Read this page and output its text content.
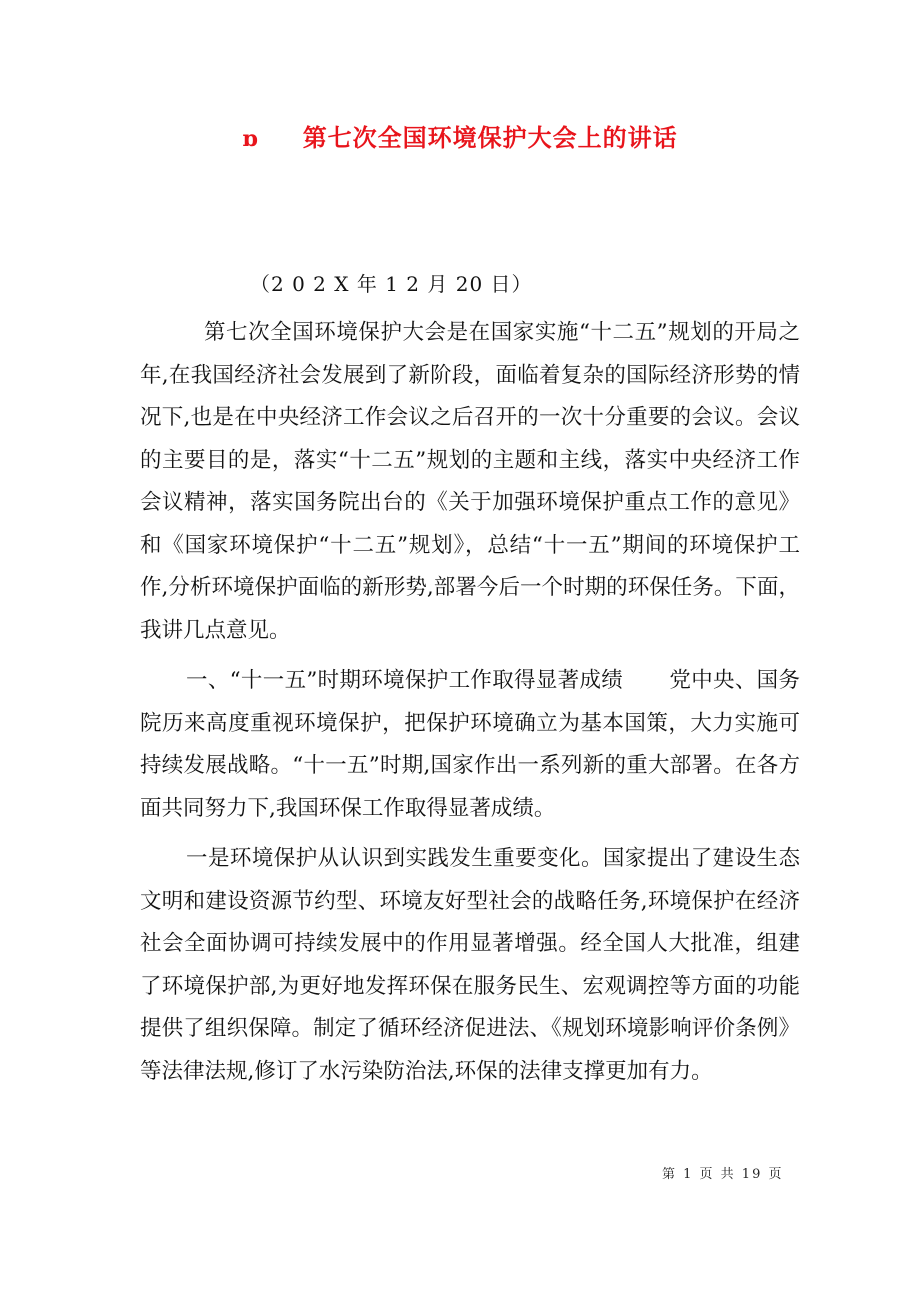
ɒ 第七次全国环境保护大会上的讲话
（2 0 2 X 年 1 2 月 20 日）

第七次全国环境保护大会是在国家实施“十二五”规划的开局之年,在我国经济社会发展到了新阶段，面临着复杂的国际经济形势的情况下,也是在中央经济工作会议之后召开的一次十分重要的会议。会议的主要目的是，落实“十二五”规划的主题和主线，落实中央经济工作会议精神，落实国务院出台的《关于加强环境保护重点工作的意见》和《国家环境保护“十二五”规划》，总结“十一五”期间的环境保护工作,分析环境保护面临的新形势,部署今后一个时期的环保任务。下面，我讲几点意见。

一、“十一五”时期环境保护工作取得显著成绩 党中央、国务院历来高度重视环境保护，把保护环境确立为基本国策，大力实施可持续发展战略。“十一五”时期,国家作出一系列新的重大部署。在各方面共同努力下,我国环保工作取得显著成绩。

一是环境保护从认识到实践发生重要变化。国家提出了建设生态文明和建设资源节约型、环境友好型社会的战略任务,环境保护在经济社会全面协调可持续发展中的作用显著增强。经全国人大批准，组建了环境保护部,为更好地发挥环保在服务民生、宏观调控等方面的功能提供了组织保障。制定了循环经济促进法、《规划环境影响评价条例》等法律法规,修订了水污染防治法,环保的法律支撑更加有力。

第 1 页 共 19 页
